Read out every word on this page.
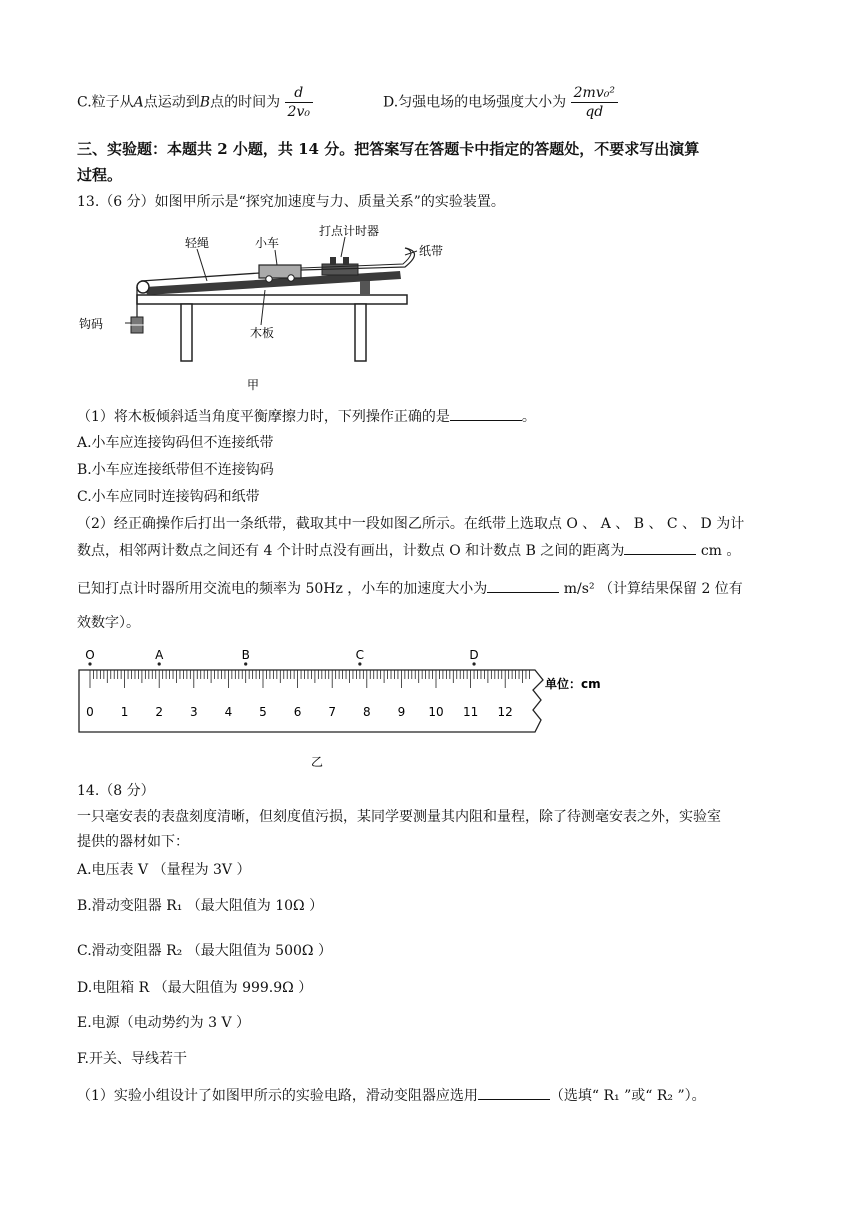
C.粒子从A点运动到B点的时间为 $\frac{d}{\text{2v₀}}$	D.匀强电场的电场强度大小为 $\frac{\text{2mv₀²}}{qd}$
三、实验题：本题共 2 小题，共 14 分。把答案写在答题卡中指定的答题处，不要求写出演算
过程。
13.（6 分）如图甲所示是“探究加速度与力、质量关系”的实验装置。
轻绳	小车
打点计时器
纸带
钩码
木板
甲
（1）将木板倾斜适当角度平衡摩擦力时，下列操作正确的是	。
A.小车应连接钩码但不连接纸带
B.小车应连接纸带但不连接钩码
C.小车应同时连接钩码和纸带
（2）经正确操作后打出一条纸带，截取其中一段如图乙所示。在纸带上选取点 O 、 A 、 B 、 C 、 D 为计
数点，相邻两计数点之间还有 4 个计时点没有画出，计数点 O 和计数点 B 之间的距离为	cm 。
已知打点计时器所用交流电的频率为 50Hz ，小车的加速度大小为	m/s² （计算结果保留 2 位有
效数字）。
0 1 2 3 4 5 6 7 8 9 10 11 12
O	A	B	C	D
单位：cm
乙
14.（8 分）
一只毫安表的表盘刻度清晰，但刻度值污损，某同学要测量其内阻和量程，除了待测毫安表之外，实验室
提供的器材如下：
A.电压表 V （量程为 3V ）
B.滑动变阻器 R₁ （最大阻值为 10Ω ）
C.滑动变阻器 R₂ （最大阻值为 500Ω ）
D.电阻箱 R （最大阻值为 999.9Ω ）
E.电源（电动势约为 3 V ）
F.开关、导线若干
（1）实验小组设计了如图甲所示的实验电路，滑动变阻器应选用	（选填“ R₁ ”或“ R₂ ”）。
